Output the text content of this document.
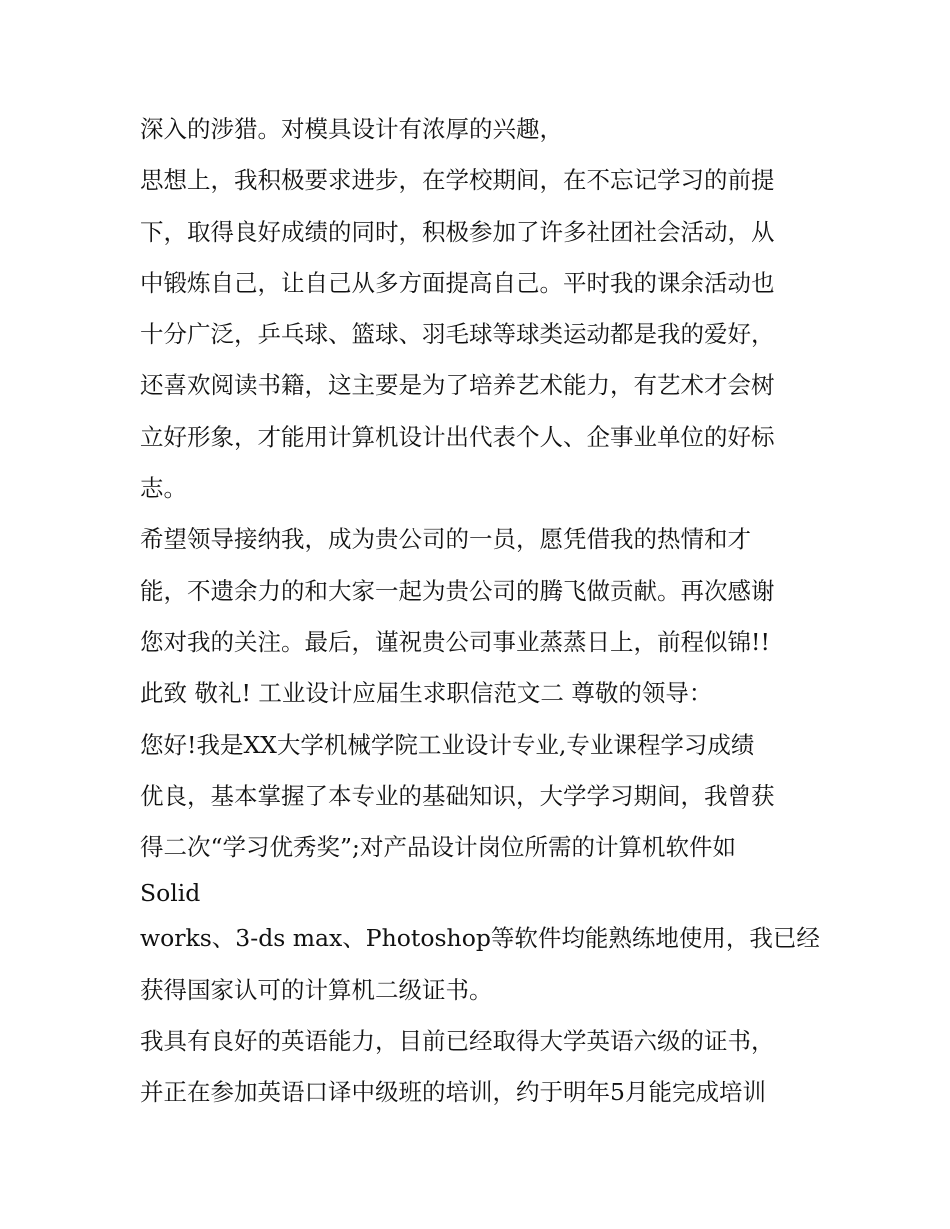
深入的涉猎。对模具设计有浓厚的兴趣，
思想上，我积极要求进步，在学校期间，在不忘记学习的前提
下，取得良好成绩的同时，积极参加了许多社团社会活动，从
中锻炼自己，让自己从多方面提高自己。平时我的课余活动也
十分广泛，乒乓球、篮球、羽毛球等球类运动都是我的爱好，
还喜欢阅读书籍，这主要是为了培养艺术能力，有艺术才会树
立好形象，才能用计算机设计出代表个人、企事业单位的好标
志。
希望领导接纳我，成为贵公司的一员，愿凭借我的热情和才
能，不遗余力的和大家一起为贵公司的腾飞做贡献。再次感谢
您对我的关注。最后，谨祝贵公司事业蒸蒸日上，前程似锦!!
此致 敬礼! 工业设计应届生求职信范文二 尊敬的领导：
您好!我是XX大学机械学院工业设计专业,专业课程学习成绩
优良，基本掌握了本专业的基础知识，大学学习期间，我曾获
得二次“学习优秀奖”;对产品设计岗位所需的计算机软件如
Solid
works、3-ds max、Photoshop等软件均能熟练地使用，我已经
获得国家认可的计算机二级证书。
我具有良好的英语能力，目前已经取得大学英语六级的证书，
并正在参加英语口译中级班的培训，约于明年5月能完成培训
